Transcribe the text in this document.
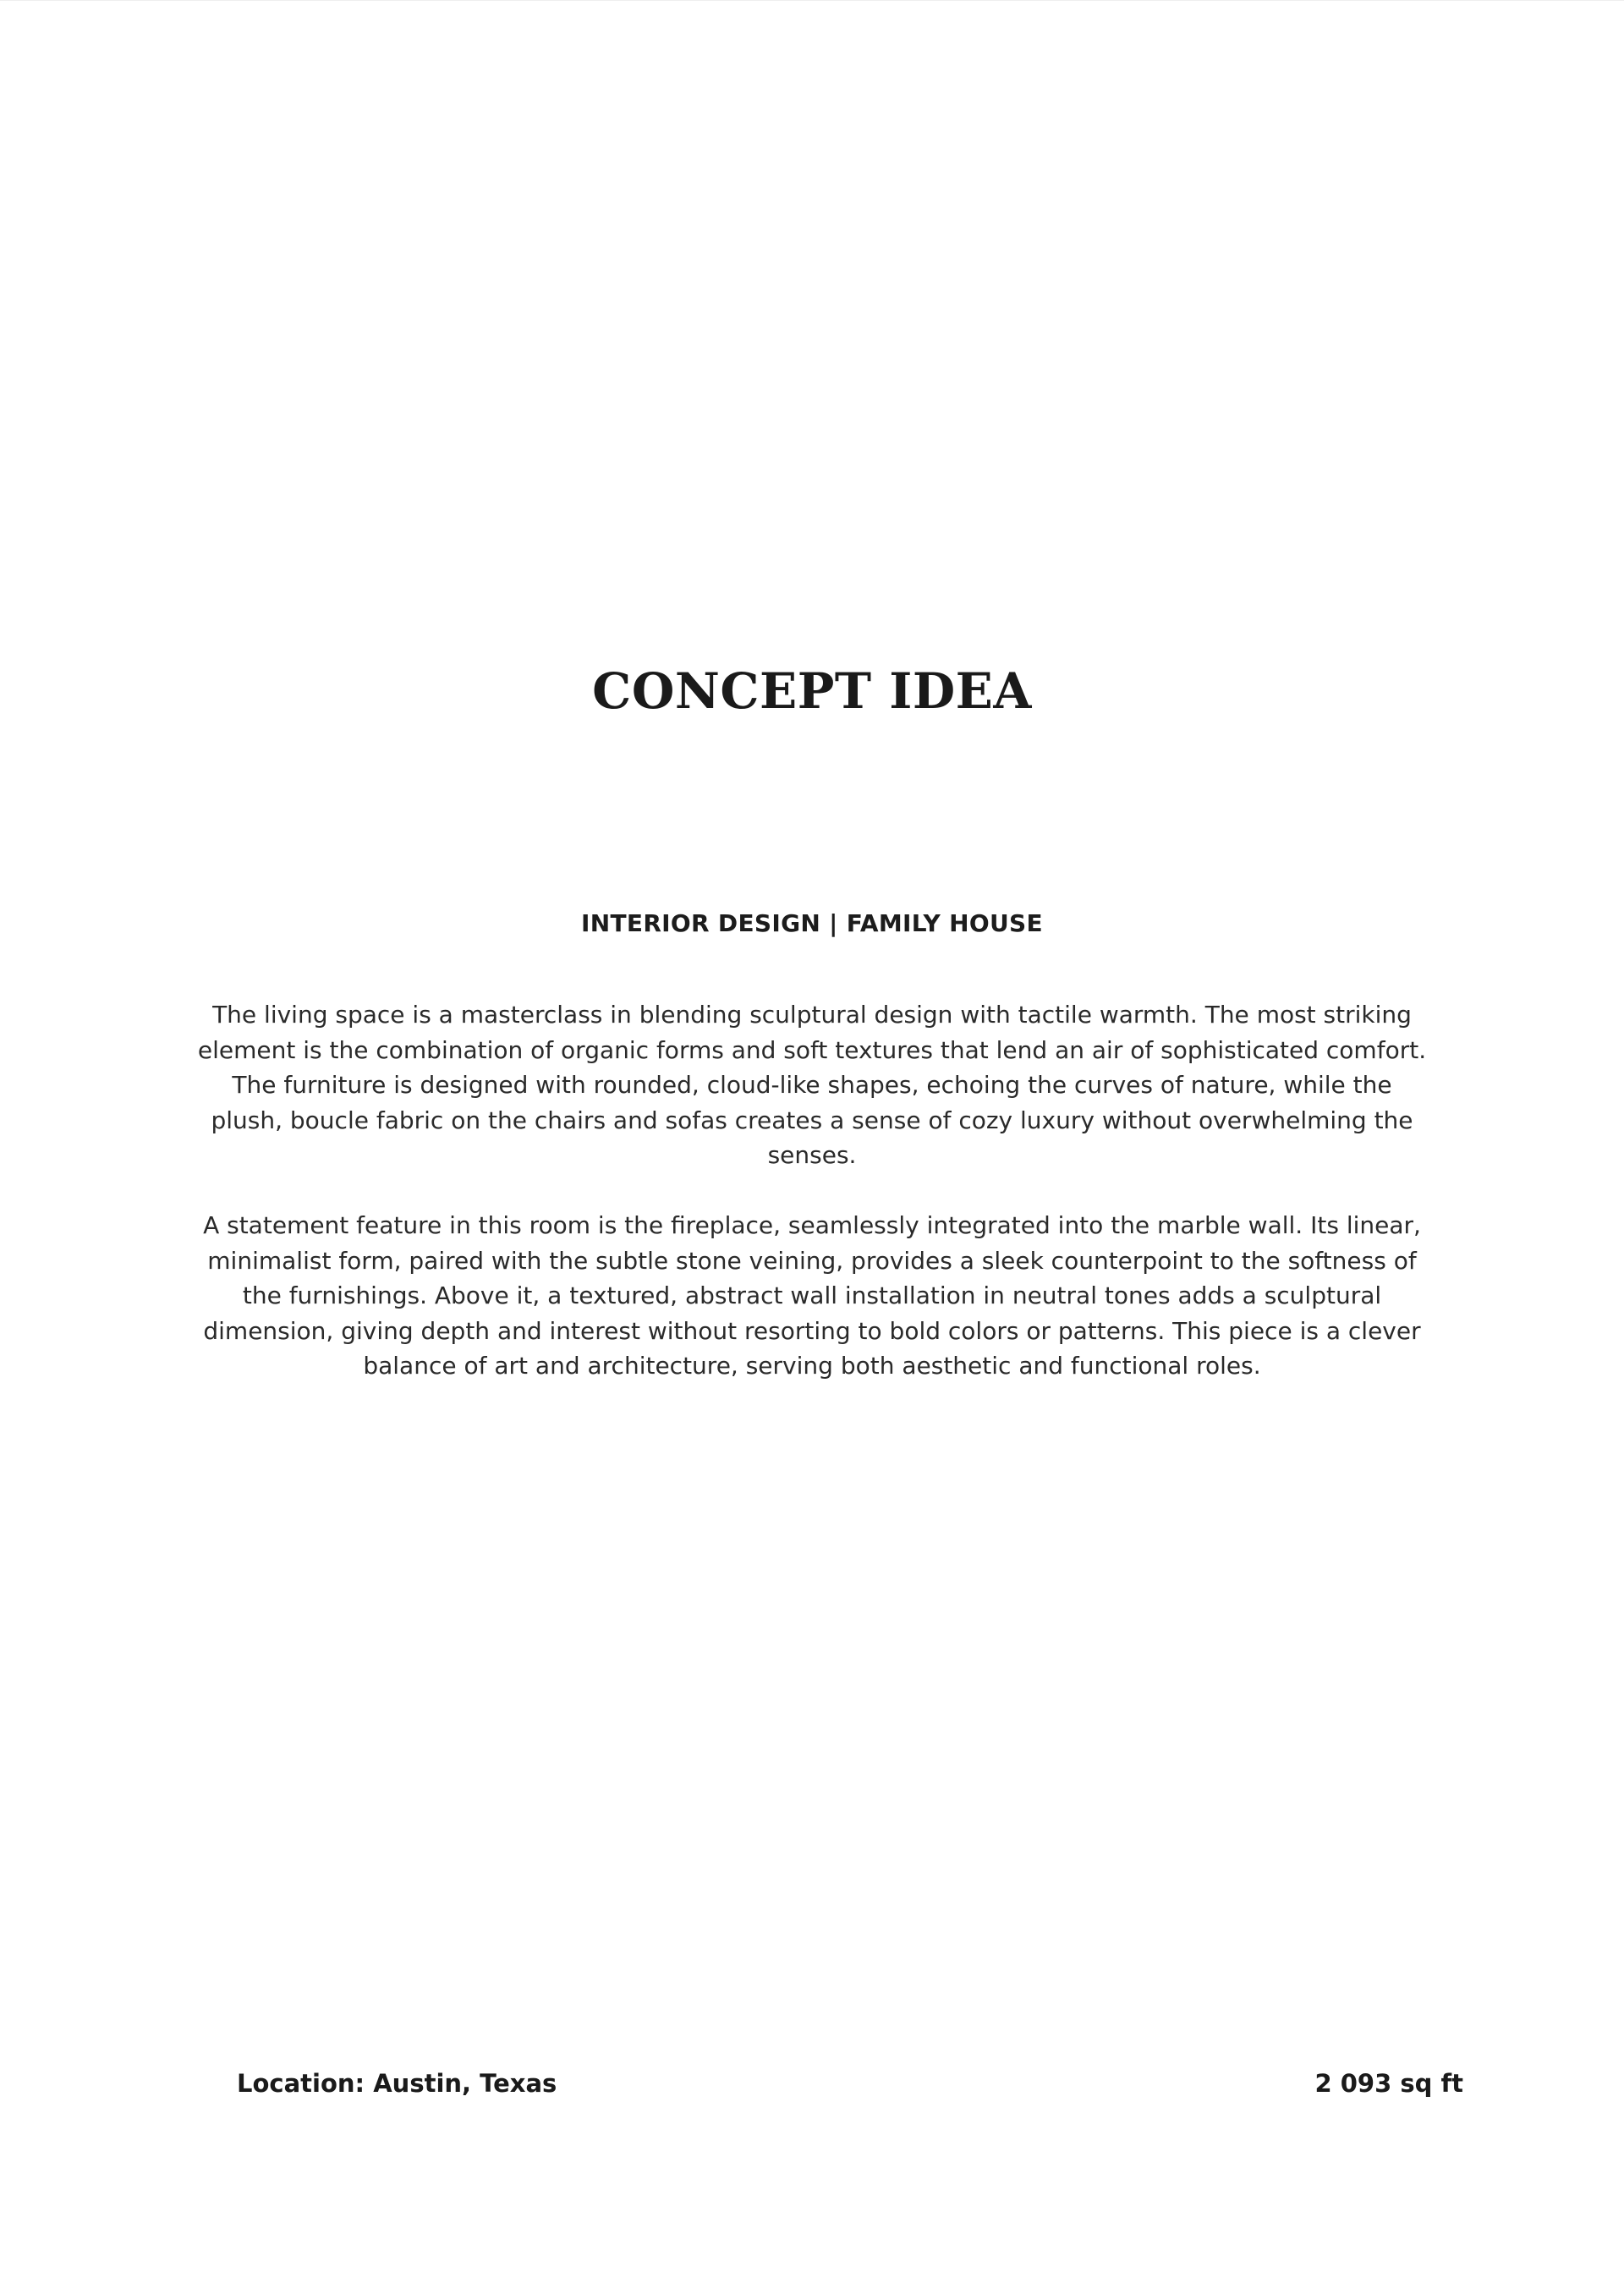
CONCEPT IDEA
INTERIOR DESIGN | FAMILY HOUSE

The living space is a masterclass in blending sculptural design with tactile warmth. The most striking element is the combination of organic forms and soft textures that lend an air of sophisticated comfort. The furniture is designed with rounded, cloud-like shapes, echoing the curves of nature, while the plush, boucle fabric on the chairs and sofas creates a sense of cozy luxury without overwhelming the senses.

A statement feature in this room is the fireplace, seamlessly integrated into the marble wall. Its linear, minimalist form, paired with the subtle stone veining, provides a sleek counterpoint to the softness of the furnishings. Above it, a textured, abstract wall installation in neutral tones adds a sculptural dimension, giving depth and interest without resorting to bold colors or patterns. This piece is a clever balance of art and architecture, serving both aesthetic and functional roles.

Location: Austin, Texas	2 093 sq ft
